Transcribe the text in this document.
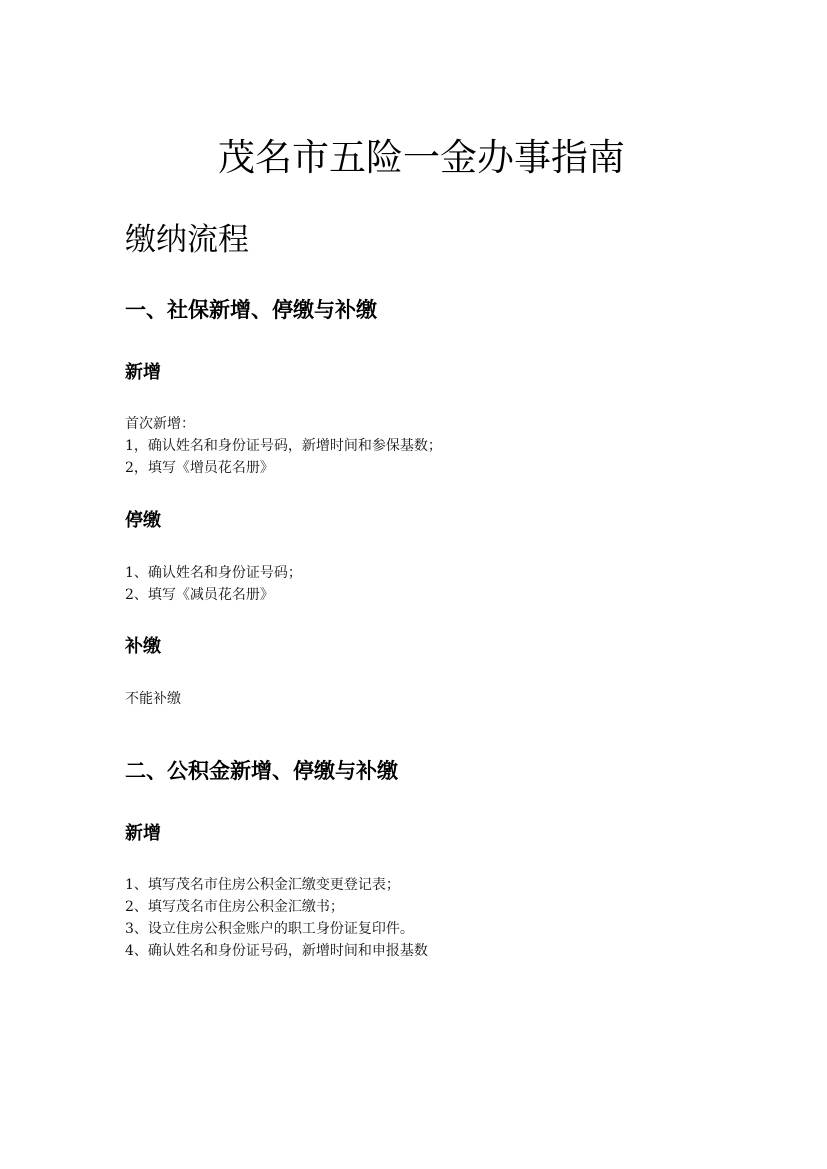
茂名市五险一金办事指南
缴纳流程
一、社保新增、停缴与补缴
新增
首次新增：
1，确认姓名和身份证号码，新增时间和参保基数；
2，填写《增员花名册》
停缴
1、确认姓名和身份证号码；
2、填写《减员花名册》
补缴
不能补缴
二、公积金新增、停缴与补缴
新增
1、填写茂名市住房公积金汇缴变更登记表；
2、填写茂名市住房公积金汇缴书；
3、设立住房公积金账户的职工身份证复印件。
4、确认姓名和身份证号码，新增时间和申报基数
